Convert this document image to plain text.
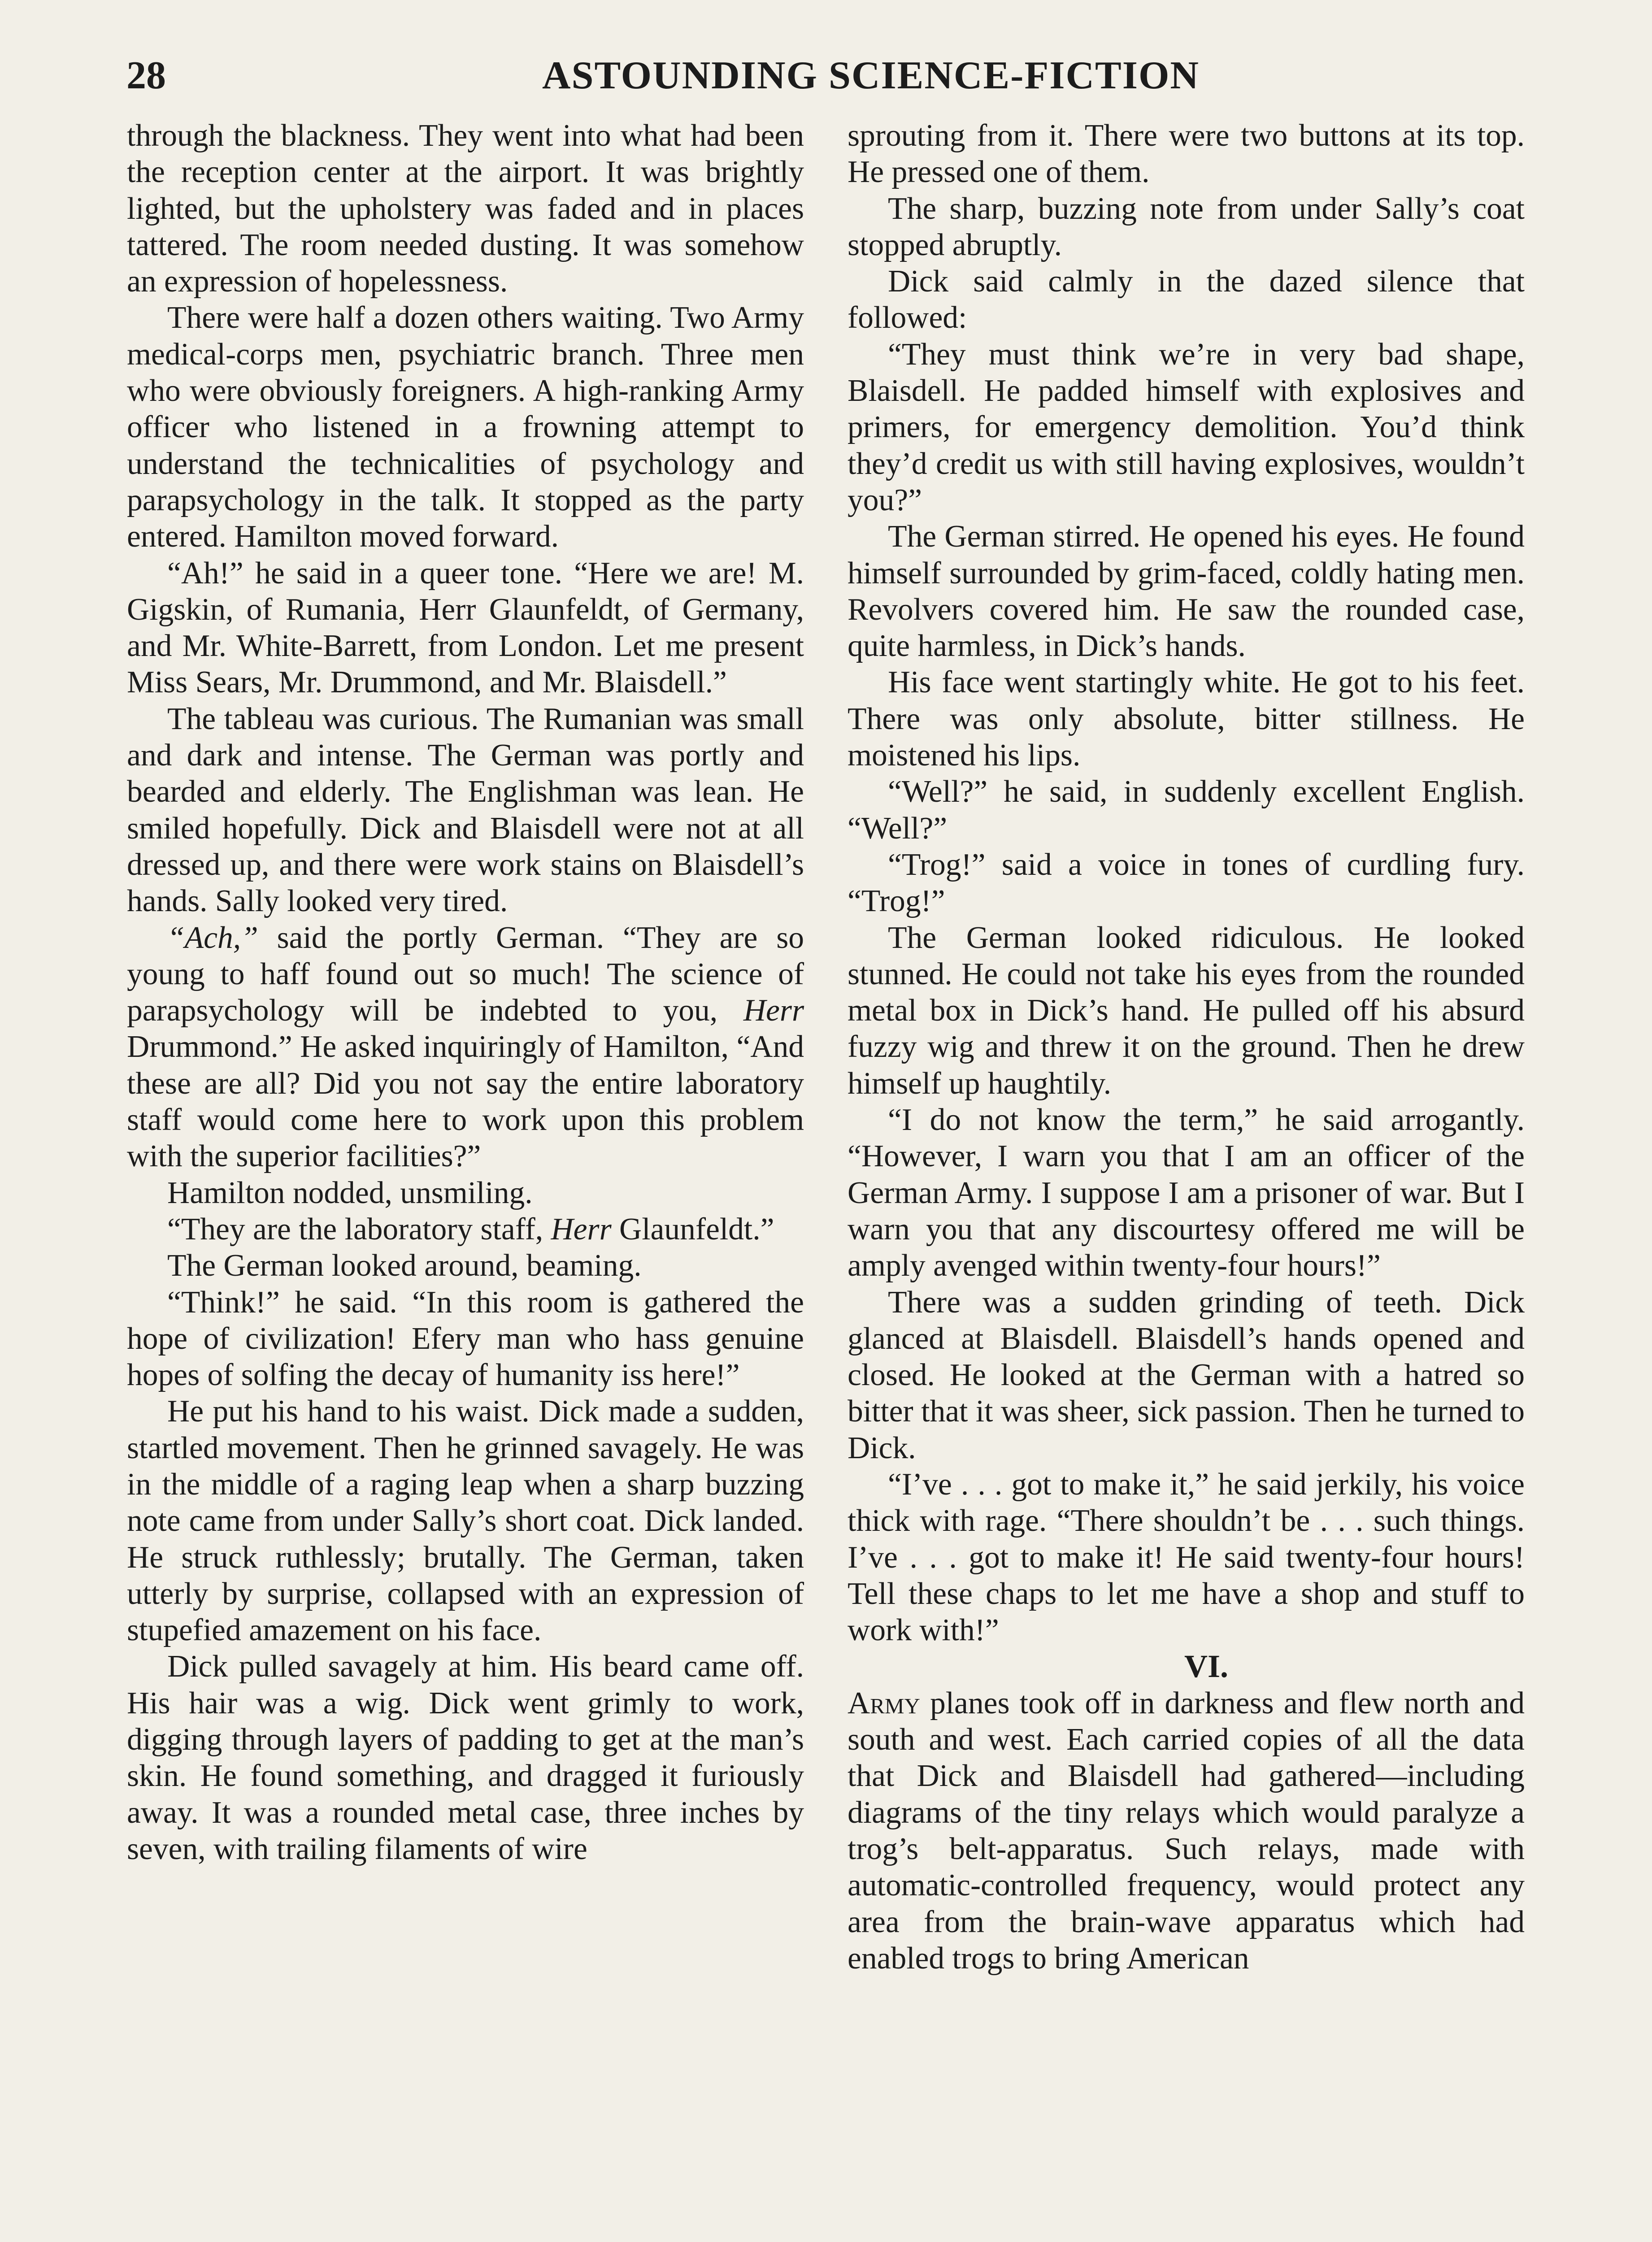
28	ASTOUNDING SCIENCE-FICTION

through the blackness. They went into what had been the reception center at the airport. It was brightly lighted, but the upholstery was faded and in places tattered. The room needed dusting. It was somehow an expression of hopelessness.

There were half a dozen others waiting. Two Army medical-corps men, psychiatric branch. Three men who were obviously foreigners. A high-ranking Army officer who listened in a frowning attempt to understand the technicalities of psychology and parapsychology in the talk. It stopped as the party entered. Hamilton moved forward.

“Ah!” he said in a queer tone. “Here we are! M. Gigskin, of Rumania, Herr Glaunfeldt, of Germany, and Mr. White-Barrett, from London. Let me present Miss Sears, Mr. Drummond, and Mr. Blaisdell.”

The tableau was curious. The Rumanian was small and dark and intense. The German was portly and bearded and elderly. The Englishman was lean. He smiled hopefully. Dick and Blaisdell were not at all dressed up, and there were work stains on Blaisdell’s hands. Sally looked very tired.

“Ach,” said the portly German. “They are so young to haff found out so much! The science of parapsychology will be indebted to you, Herr Drummond.” He asked inquiringly of Hamilton, “And these are all? Did you not say the entire laboratory staff would come here to work upon this problem with the superior facilities?”

Hamilton nodded, unsmiling.

“They are the laboratory staff, Herr Glaunfeldt.”

The German looked around, beaming.

“Think!” he said. “In this room is gathered the hope of civilization! Efery man who hass genuine hopes of solfing the decay of humanity iss here!”

He put his hand to his waist. Dick made a sudden, startled movement. Then he grinned savagely. He was in the middle of a raging leap when a sharp buzzing note came from under Sally’s short coat. Dick landed. He struck ruthlessly; brutally. The German, taken utterly by surprise, collapsed with an expression of stupefied amazement on his face.

Dick pulled savagely at him. His beard came off. His hair was a wig. Dick went grimly to work, digging through layers of padding to get at the man’s skin. He found something, and dragged it furiously away. It was a rounded metal case, three inches by seven, with trailing filaments of wire

sprouting from it. There were two buttons at its top. He pressed one of them.

The sharp, buzzing note from under Sally’s coat stopped abruptly.

Dick said calmly in the dazed silence that followed:

“They must think we’re in very bad shape, Blaisdell. He padded himself with explosives and primers, for emergency demolition. You’d think they’d credit us with still having explosives, wouldn’t you?”

The German stirred. He opened his eyes. He found himself surrounded by grim-faced, coldly hating men. Revolvers covered him. He saw the rounded case, quite harmless, in Dick’s hands.

His face went startingly white. He got to his feet. There was only absolute, bitter stillness. He moistened his lips.

“Well?” he said, in suddenly excellent English. “Well?”

“Trog!” said a voice in tones of curdling fury. “Trog!”

The German looked ridiculous. He looked stunned. He could not take his eyes from the rounded metal box in Dick’s hand. He pulled off his absurd fuzzy wig and threw it on the ground. Then he drew himself up haughtily.

“I do not know the term,” he said arrogantly. “However, I warn you that I am an officer of the German Army. I suppose I am a prisoner of war. But I warn you that any discourtesy offered me will be amply avenged within twenty-four hours!”

There was a sudden grinding of teeth. Dick glanced at Blaisdell. Blaisdell’s hands opened and closed. He looked at the German with a hatred so bitter that it was sheer, sick passion. Then he turned to Dick.

“I’ve . . . got to make it,” he said jerkily, his voice thick with rage. “There shouldn’t be . . . such things. I’ve . . . got to make it! He said twenty-four hours! Tell these chaps to let me have a shop and stuff to work with!”

VI.

Army planes took off in darkness and flew north and south and west. Each carried copies of all the data that Dick and Blaisdell had gathered—including diagrams of the tiny relays which would paralyze a trog’s belt-apparatus. Such relays, made with automatic-controlled frequency, would protect any area from the brain-wave apparatus which had enabled trogs to bring American
